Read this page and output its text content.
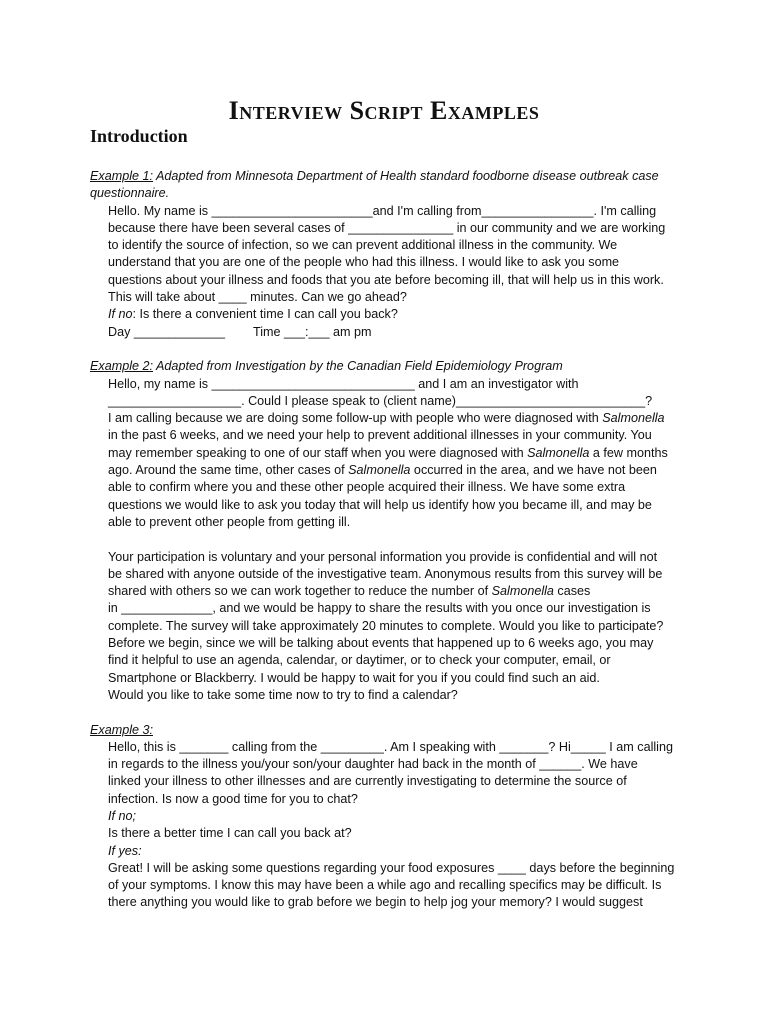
Interview Script Examples
Introduction

Example 1: Adapted from Minnesota Department of Health standard foodborne disease outbreak case

questionnaire.

Hello. My name is _______________________and I'm calling from________________. I'm calling

because there have been several cases of _______________ in our community and we are working

to identify the source of infection, so we can prevent additional illness in the community. We

understand that you are one of the people who had this illness. I would like to ask you some

questions about your illness and foods that you ate before becoming ill, that will help us in this work.

This will take about ____ minutes. Can we go ahead?

If no: Is there a convenient time I can call you back?

Day _____________ Time ___:___ am pm

Example 2: Adapted from Investigation by the Canadian Field Epidemiology Program

Hello, my name is _____________________________ and I am an investigator with

___________________. Could I please speak to (client name)___________________________?

I am calling because we are doing some follow-up with people who were diagnosed with Salmonella

in the past 6 weeks, and we need your help to prevent additional illnesses in your community. You

may remember speaking to one of our staff when you were diagnosed with Salmonella a few months

ago. Around the same time, other cases of Salmonella occurred in the area, and we have not been

able to confirm where you and these other people acquired their illness. We have some extra

questions we would like to ask you today that will help us identify how you became ill, and may be

able to prevent other people from getting ill.

Your participation is voluntary and your personal information you provide is confidential and will not

be shared with anyone outside of the investigative team. Anonymous results from this survey will be

shared with others so we can work together to reduce the number of Salmonella cases

in _____________, and we would be happy to share the results with you once our investigation is

complete. The survey will take approximately 20 minutes to complete. Would you like to participate?

Before we begin, since we will be talking about events that happened up to 6 weeks ago, you may

find it helpful to use an agenda, calendar, or daytimer, or to check your computer, email, or

Smartphone or Blackberry. I would be happy to wait for you if you could find such an aid.

Would you like to take some time now to try to find a calendar?

Example 3:

Hello, this is _______ calling from the _________. Am I speaking with _______? Hi_____ I am calling

in regards to the illness you/your son/your daughter had back in the month of ______. We have

linked your illness to other illnesses and are currently investigating to determine the source of

infection. Is now a good time for you to chat?

If no;

Is there a better time I can call you back at?

If yes:

Great! I will be asking some questions regarding your food exposures ____ days before the beginning

of your symptoms. I know this may have been a while ago and recalling specifics may be difficult. Is

there anything you would like to grab before we begin to help jog your memory? I would suggest
